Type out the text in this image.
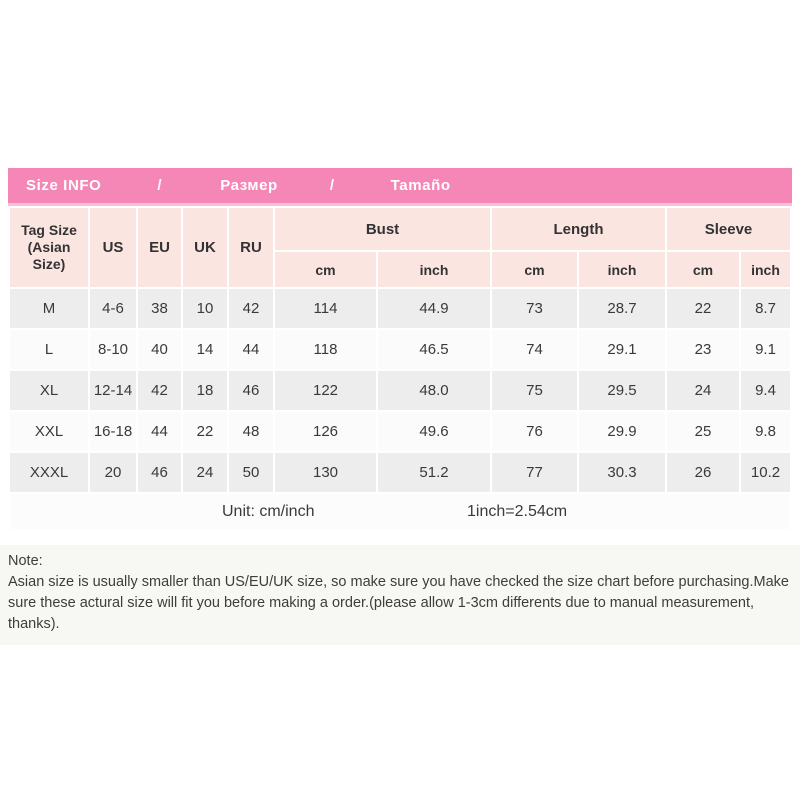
Size INFO	/	Размер	/	Tamaño
Tag Size
(Asian Size)	US	EU	UK	RU	Bust		Length		Sleeve	
					cm	inch	cm	inch	cm	inch
M	4-6	38	10	42	114	44.9	73	28.7	22	8.7
L	8-10	40	14	44	118	46.5	74	29.1	23	9.1
XL	12-14	42	18	46	122	48.0	75	29.5	24	9.4
XXL	16-18	44	22	48	126	49.6	76	29.9	25	9.8
XXXL	20	46	24	50	130	51.2	77	30.3	26	10.2

Unit: cm/inch 1inch=2.54cm										
Note:
Asian size is usually smaller than US/EU/UK size, so make sure you have checked the size chart before purchasing.Make sure these actural size will fit you before making a order.(please allow 1-3cm differents due to manual measurement, thanks).
